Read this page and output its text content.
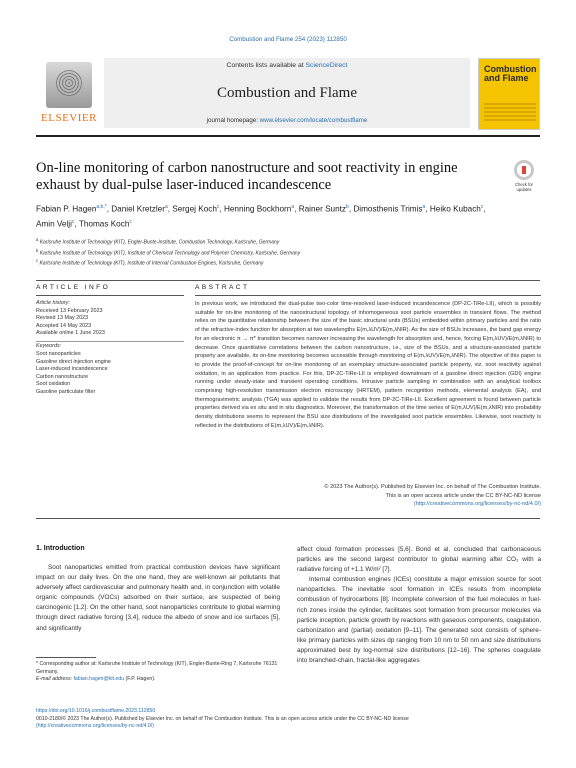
Combustion and Flame 254 (2023) 112850
ELSEVIER
Contents lists available at ScienceDirect
Combustion and Flame
journal homepage: www.elsevier.com/locate/combustflame
Combustion and Flame
On-line monitoring of carbon nanostructure and soot reactivity in engine exhaust by dual-pulse laser-induced incandescence	Check for updates
Fabian P. Hagen$^{a,b,*}$, Daniel Kretzler$^a$, Sergej Koch$^c$, Henning Bockhorn$^a$, Rainer Suntz$^b$, Dimosthenis Trimis$^a$, Heiko Kubach$^c$, Amin Velji$^c$, Thomas Koch$^c$
$^a$ Karlsruhe Institute of Technology (KIT), Engler-Bunte-Institute, Combustion Technology, Karlsruhe, Germany
$^b$ Karlsruhe Institute of Technology (KIT), Institute of Chemical Technology and Polymer Chemistry, Karlsruhe, Germany
$^c$ Karlsruhe Institute of Technology (KIT), Institute of Internal Combustion Engines, Karlsruhe, Germany
ARTICLE INFO	ABSTRACT
Article history:
Received 13 February 2023
Revised 13 May 2023
Accepted 14 May 2023
Available online 1 June 2023
Keywords:
Soot nanoparticles
Gasoline direct injection engine
Laser-induced incandescence
Carbon nanostructure
Soot oxidation
Gasoline particulate filter
In previous work, we introduced the dual-pulse two-color time-resolved laser-induced incandescence (DP-2C-TiRe-LII), which is possibly suitable for on-line monitoring of the nanostructural topology of inhomogeneous soot particle ensembles in transient flows. The method relies on the quantitative relationship between the size of the basic structural units (BSUs) embedded within primary particles and the ratio of the refractive-index function for absorption at two wavelengths E(m,λUV)/E(m,λNIR). As the size of BSUs increases, the band gap energy for an electronic π → π* transition becomes narrower increasing the wavelength for absorption and, hence, forcing E(m,λUV)/E(m,λNIR) to decrease. Once quantitative correlations between the carbon nanostructure, i.e., size of the BSUs, and a structure-associated particle property are available, its on-line monitoring becomes accessible through monitoring of E(m,λUV)/E(m,λNIR). The objective of this paper is to provide the proof-of-concept for on-line monitoring of an exemplary structure-associated particle property, viz. soot reactivity against oxidation, in an application from practice. For this, DP-2C-TiRe-LII is employed downstream of a gasoline direct injection (GDI) engine running under steady-state and transient operating conditions. Intrusive particle sampling in combination with an analytical toolbox comprising high-resolution transmission electron microscopy (HRTEM), pattern recognition methods, elemental analysis (EA), and thermogravimetric analysis (TGA) was applied to validate the results from DP-2C-TiRe-LII. Excellent agreement is found between particle properties derived via ex situ and in situ diagnostics. Moreover, the transformation of the time series of E(m,λUV)/E(m,λNIR) into probability density distributions seems to represent the BSU size distributions of the investigated soot particle ensembles. Likewise, soot reactivity is reflected in the distributions of E(m,λUV)/E(m,λNIR).
© 2023 The Author(s). Published by Elsevier Inc. on behalf of The Combustion Institute.
This is an open access article under the CC BY-NC-ND license
(http://creativecommons.org/licenses/by-nc-nd/4.0/)
1. Introduction
Soot nanoparticles emitted from practical combustion devices have significant impact on our daily lives. On the one hand, they are well-known air pollutants that adversely affect cardiovascular and pulmonary health and, in conjunction with volatile organic compounds (VOCs) adsorbed on their surface, are suspected of being carcinogenic [1,2]. On the other hand, soot nanoparticles contribute to global warming through direct radiative forcing [3,4], reduce the albedo of snow and ice surfaces [5], and significantly

affect cloud formation processes [5,6]. Bond et al. concluded that carbonaceous particles are the second largest contributor to global warming after CO₂ with a radiative forcing of +1.1 W/m² [7].

Internal combustion engines (ICEs) constitute a major emission source for soot nanoparticles. The inevitable soot formation in ICEs results from incomplete combustion of hydrocarbons [8]. Incomplete conversion of the fuel molecules in fuel-rich zones inside the cylinder, facilitates soot formation from precursor molecules via particle inception, particle growth by reactions with gaseous components, coagulation, carbonization and (partial) oxidation [9–11]. The generated soot consists of sphere-like primary particles with sizes dp ranging from 10 nm to 50 nm and size distributions approximated best by log-normal size distributions [12–16]. The spheres coagulate into branched-chain, fractal-like aggregates

* Corresponding author at: Karlsruhe Institute of Technology (KIT), Engler-Bunte-Ring 7, Karlsruhe 76131 Germany.
E-mail address: fabian.hagen@kit.edu (F.P. Hagen).
https://doi.org/10.1016/j.combustflame.2023.112850
0010-2180/© 2023 The Author(s). Published by Elsevier Inc. on behalf of The Combustion Institute. This is an open access article under the CC BY-NC-ND license
(http://creativecommons.org/licenses/by-nc-nd/4.0/)
